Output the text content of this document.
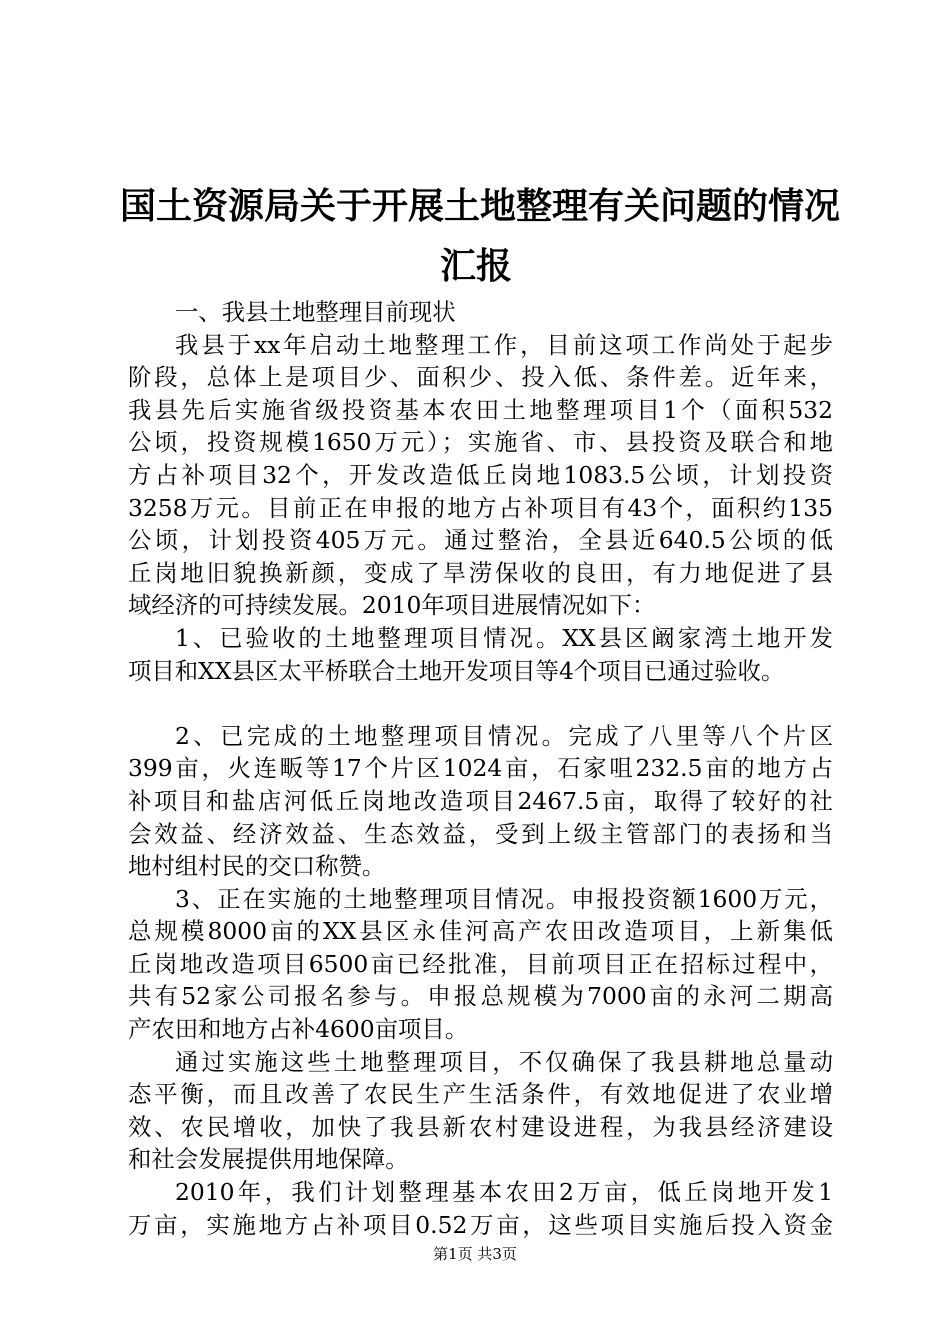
国土资源局关于开展土地整理有关问题的情况
汇报
一、我县土地整理目前现状
我县于xx年启动土地整理工作，目前这项工作尚处于起步
阶段，总体上是项目少、面积少、投入低、条件差。近年来，
我县先后实施省级投资基本农田土地整理项目1个（面积532
公顷，投资规模1650万元）；实施省、市、县投资及联合和地
方占补项目32个，开发改造低丘岗地1083.5公顷，计划投资
3258万元。目前正在申报的地方占补项目有43个，面积约135
公顷，计划投资405万元。通过整治，全县近640.5公顷的低
丘岗地旧貌换新颜，变成了旱涝保收的良田，有力地促进了县
域经济的可持续发展。2010年项目进展情况如下：
1、已验收的土地整理项目情况。XX县区阚家湾土地开发
项目和XX县区太平桥联合土地开发项目等4个项目已通过验收。
2、已完成的土地整理项目情况。完成了八里等八个片区
399亩，火连畈等17个片区1024亩，石家咀232.5亩的地方占
补项目和盐店河低丘岗地改造项目2467.5亩，取得了较好的社
会效益、经济效益、生态效益，受到上级主管部门的表扬和当
地村组村民的交口称赞。
3、正在实施的土地整理项目情况。申报投资额1600万元，
总规模8000亩的XX县区永佳河高产农田改造项目，上新集低
丘岗地改造项目6500亩已经批准，目前项目正在招标过程中，
共有52家公司报名参与。申报总规模为7000亩的永河二期高
产农田和地方占补4600亩项目。
通过实施这些土地整理项目，不仅确保了我县耕地总量动
态平衡，而且改善了农民生产生活条件，有效地促进了农业增
效、农民增收，加快了我县新农村建设进程，为我县经济建设
和社会发展提供用地保障。
2010年，我们计划整理基本农田2万亩，低丘岗地开发1
万亩，实施地方占补项目0.52万亩，这些项目实施后投入资金
第1页 共3页
